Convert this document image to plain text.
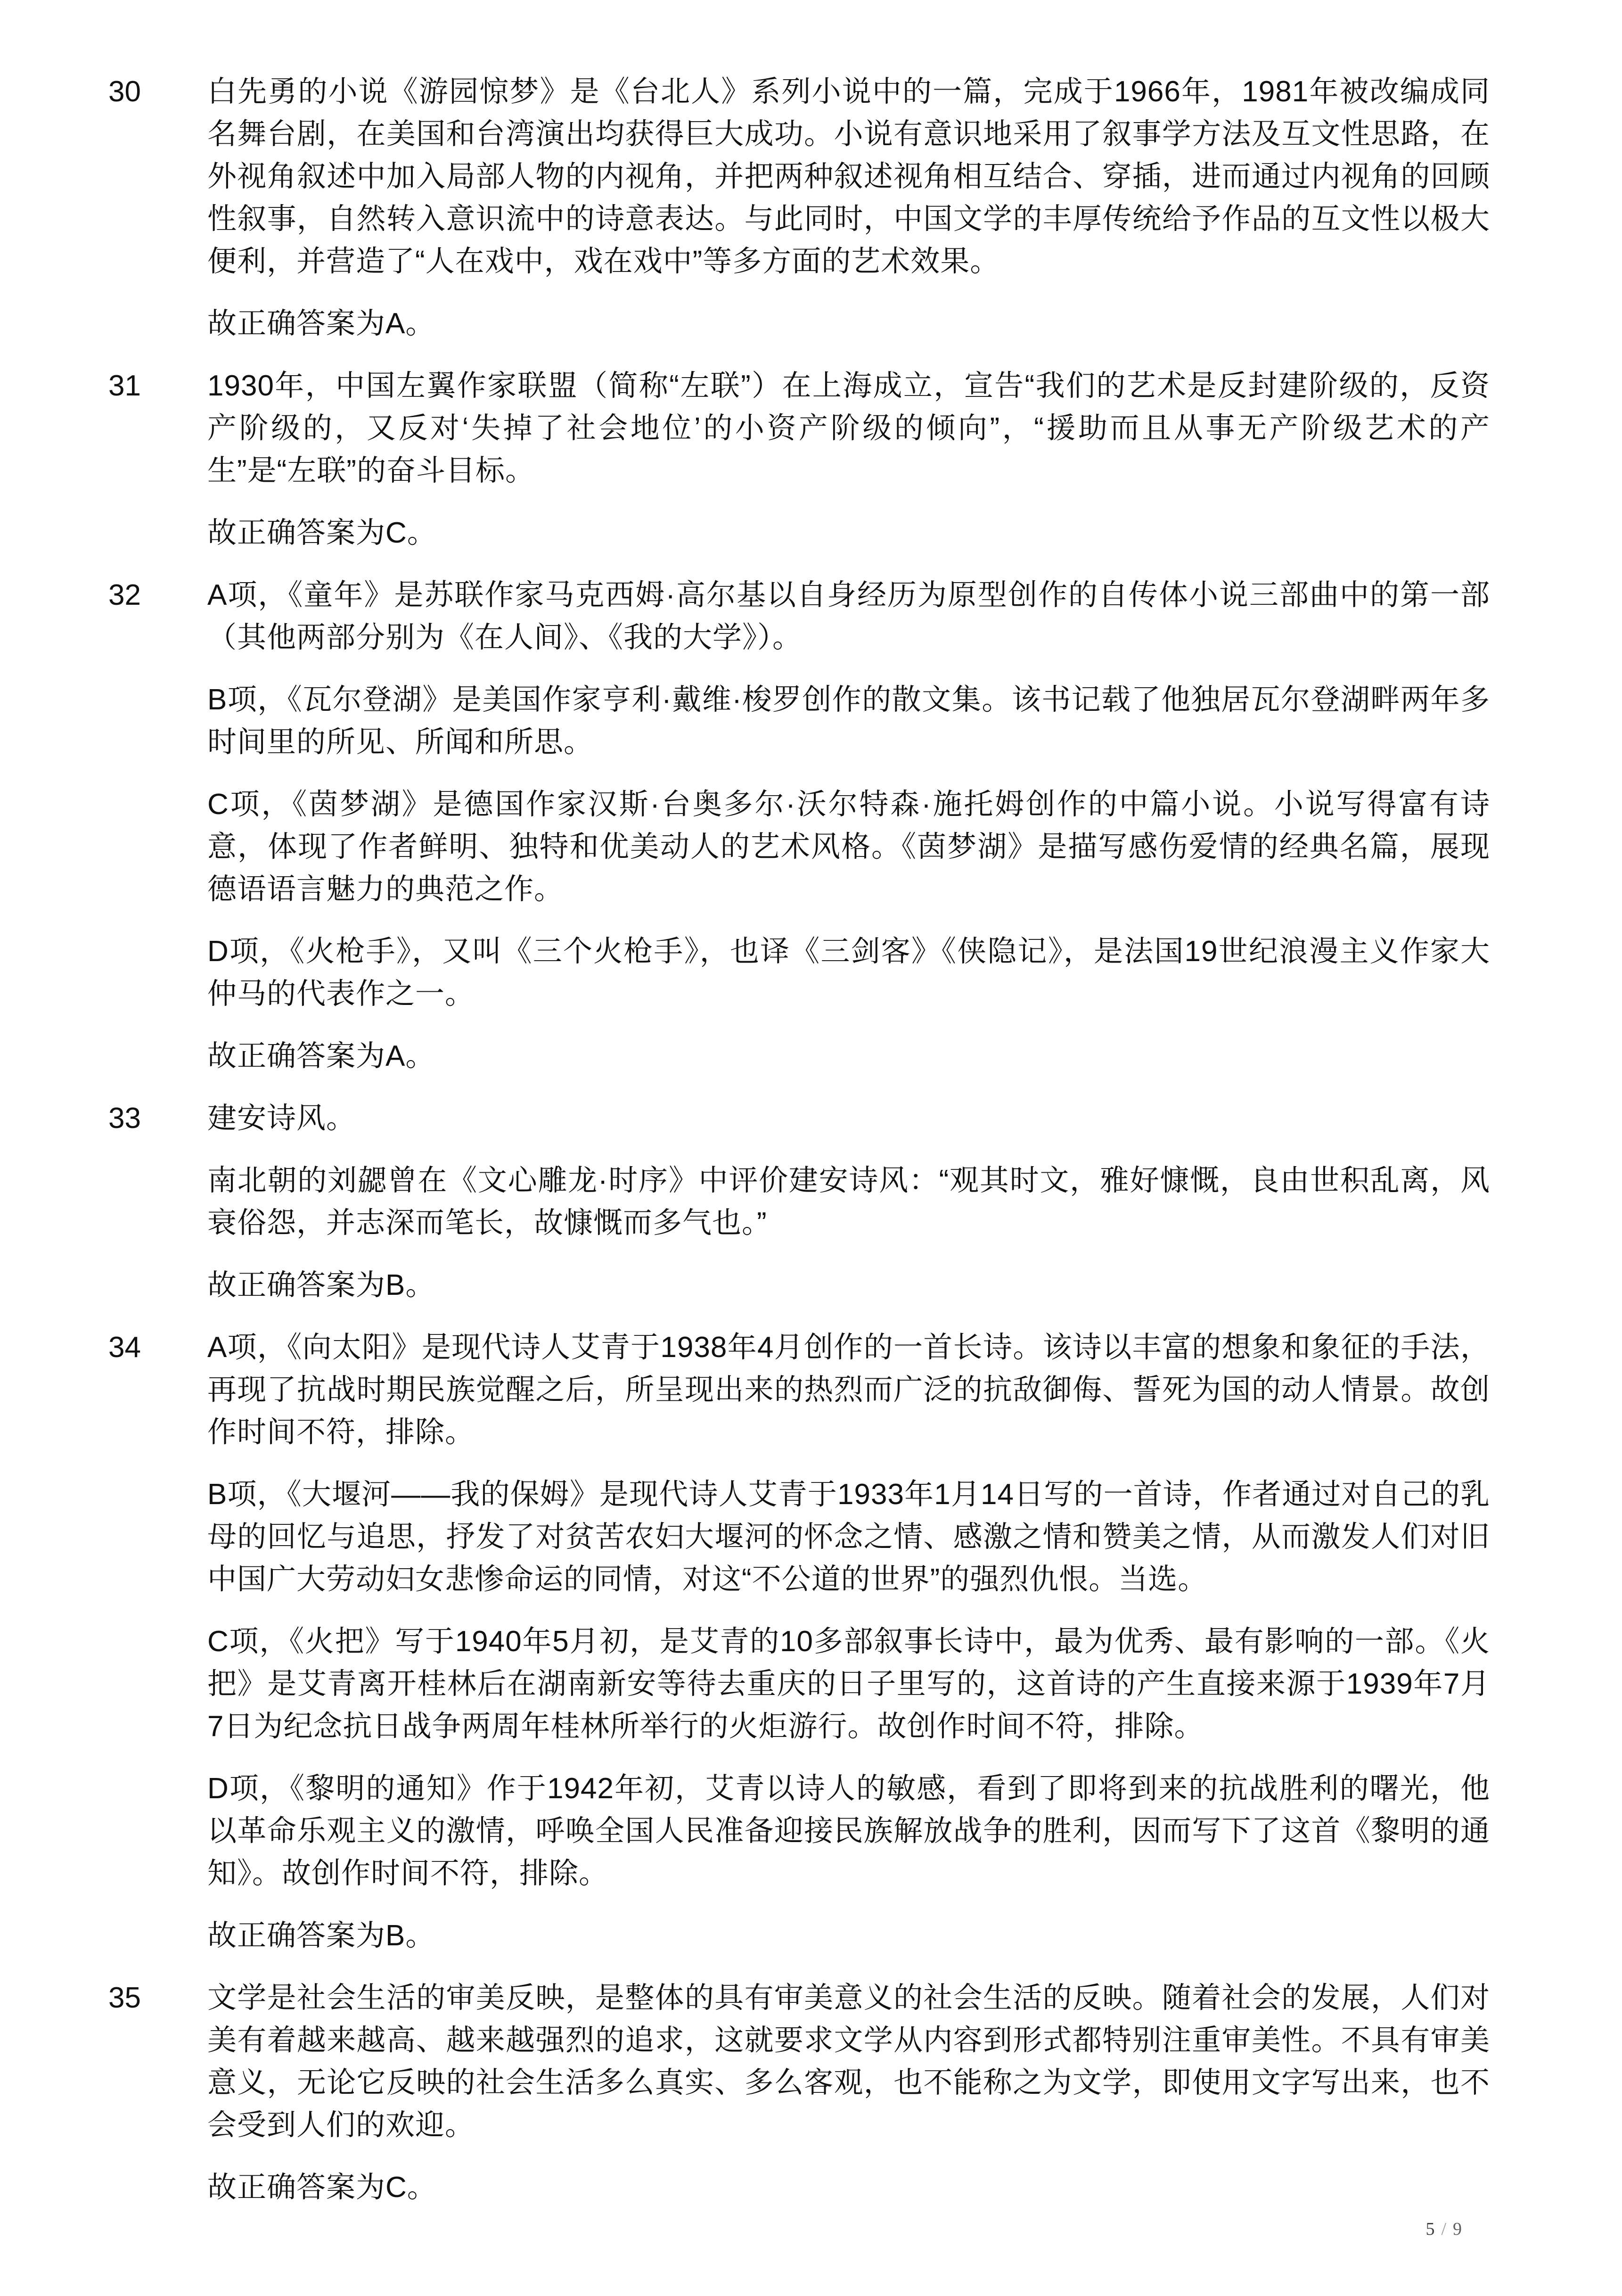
30	白先勇的小说《游园惊梦》是《台北人》系列小说中的一篇，完成于1966年，1981年被改编成同名舞台剧，在美国和台湾演出均获得巨大成功。小说有意识地采用了叙事学方法及互文性思路，在外视角叙述中加入局部人物的内视角，并把两种叙述视角相互结合、穿插，进而通过内视角的回顾性叙事，自然转入意识流中的诗意表达。与此同时，中国文学的丰厚传统给予作品的互文性以极大便利，并营造了“人在戏中，戏在戏中”等多方面的艺术效果。

故正确答案为A。

31	1930年，中国左翼作家联盟（简称“左联”）在上海成立，宣告“我们的艺术是反封建阶级的，反资产阶级的，又反对‘失掉了社会地位’的小资产阶级的倾向”，“援助而且从事无产阶级艺术的产生”是“左联”的奋斗目标。

故正确答案为C。

32	A项，《童年》是苏联作家马克西姆·高尔基以自身经历为原型创作的自传体小说三部曲中的第一部（其他两部分别为《在人间》、《我的大学》）。

B项，《瓦尔登湖》是美国作家亨利·戴维·梭罗创作的散文集。该书记载了他独居瓦尔登湖畔两年多时间里的所见、所闻和所思。

C项，《茵梦湖》是德国作家汉斯·台奥多尔·沃尔特森·施托姆创作的中篇小说。小说写得富有诗意，体现了作者鲜明、独特和优美动人的艺术风格。《茵梦湖》是描写感伤爱情的经典名篇，展现德语语言魅力的典范之作。

D项，《火枪手》，又叫《三个火枪手》，也译《三剑客》《侠隐记》，是法国19世纪浪漫主义作家大仲马的代表作之一。

故正确答案为A。

33	建安诗风。

南北朝的刘勰曾在《文心雕龙·时序》中评价建安诗风：“观其时文，雅好慷慨，良由世积乱离，风衰俗怨，并志深而笔长，故慷慨而多气也。”

故正确答案为B。

34	A项，《向太阳》是现代诗人艾青于1938年4月创作的一首长诗。该诗以丰富的想象和象征的手法，再现了抗战时期民族觉醒之后，所呈现出来的热烈而广泛的抗敌御侮、誓死为国的动人情景。故创作时间不符，排除。

B项，《大堰河——我的保姆》是现代诗人艾青于1933年1月14日写的一首诗，作者通过对自己的乳母的回忆与追思，抒发了对贫苦农妇大堰河的怀念之情、感激之情和赞美之情，从而激发人们对旧中国广大劳动妇女悲惨命运的同情，对这“不公道的世界”的强烈仇恨。当选。

C项，《火把》写于1940年5月初，是艾青的10多部叙事长诗中，最为优秀、最有影响的一部。《火把》是艾青离开桂林后在湖南新安等待去重庆的日子里写的，这首诗的产生直接来源于1939年7月7日为纪念抗日战争两周年桂林所举行的火炬游行。故创作时间不符，排除。

D项，《黎明的通知》作于1942年初，艾青以诗人的敏感，看到了即将到来的抗战胜利的曙光，他以革命乐观主义的激情，呼唤全国人民准备迎接民族解放战争的胜利，因而写下了这首《黎明的通知》。故创作时间不符，排除。

故正确答案为B。

35	文学是社会生活的审美反映，是整体的具有审美意义的社会生活的反映。随着社会的发展，人们对美有着越来越高、越来越强烈的追求，这就要求文学从内容到形式都特别注重审美性。不具有审美意义，无论它反映的社会生活多么真实、多么客观，也不能称之为文学，即使用文字写出来，也不会受到人们的欢迎。

故正确答案为C。

5 / 9
